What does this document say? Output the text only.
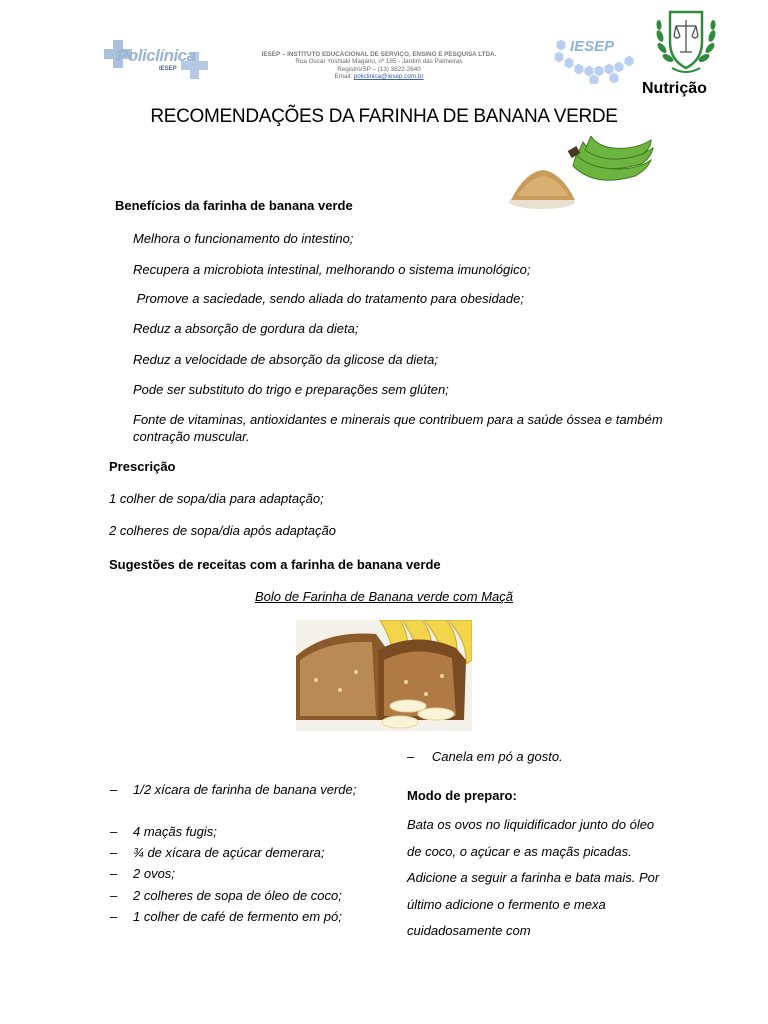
Policlínica
IESEP
IESEP – INSTITUTO EDUCACIONAL DE SERVIÇO, ENSINO E PESQUISA LTDA.
Rua Oscar Yoshiaki Magário, nº 185 - Jardim das Palmeiras
Registro/SP – (13) 3822-2640
Email: policlinica@iesep.com.br
IESEP
Nutrição
RECOMENDAÇÕES DA FARINHA DE BANANA VERDE
Benefícios da farinha de banana verde
Melhora o funcionamento do intestino;
Recupera a microbiota intestinal, melhorando o sistema imunológico;
Promove a saciedade, sendo aliada do tratamento para obesidade;
Reduz a absorção de gordura da dieta;
Reduz a velocidade de absorção da glicose da dieta;
Pode ser substituto do trigo e preparações sem glúten;
Fonte de vitaminas, antioxidantes e minerais que contribuem para a saúde óssea e também contração muscular.
Prescrição
1 colher de sopa/dia para adaptação;
2 colheres de sopa/dia após adaptação
Sugestões de receitas com a farinha de banana verde
Bolo de Farinha de Banana verde com Maçã
– Canela em pó a gosto.
Modo de preparo:
Bata os ovos no liquidificador junto do óleo de coco, o açúcar e as maçãs picadas. Adicione a seguir a farinha e bata mais. Por último adicione o fermento e mexa cuidadosamente com
– 1/2 xícara de farinha de banana verde;
– 4 maçãs fugis;
– ¾ de xícara de açúcar demerara;
– 2 ovos;
– 2 colheres de sopa de óleo de coco;
– 1 colher de café de fermento em pó;
